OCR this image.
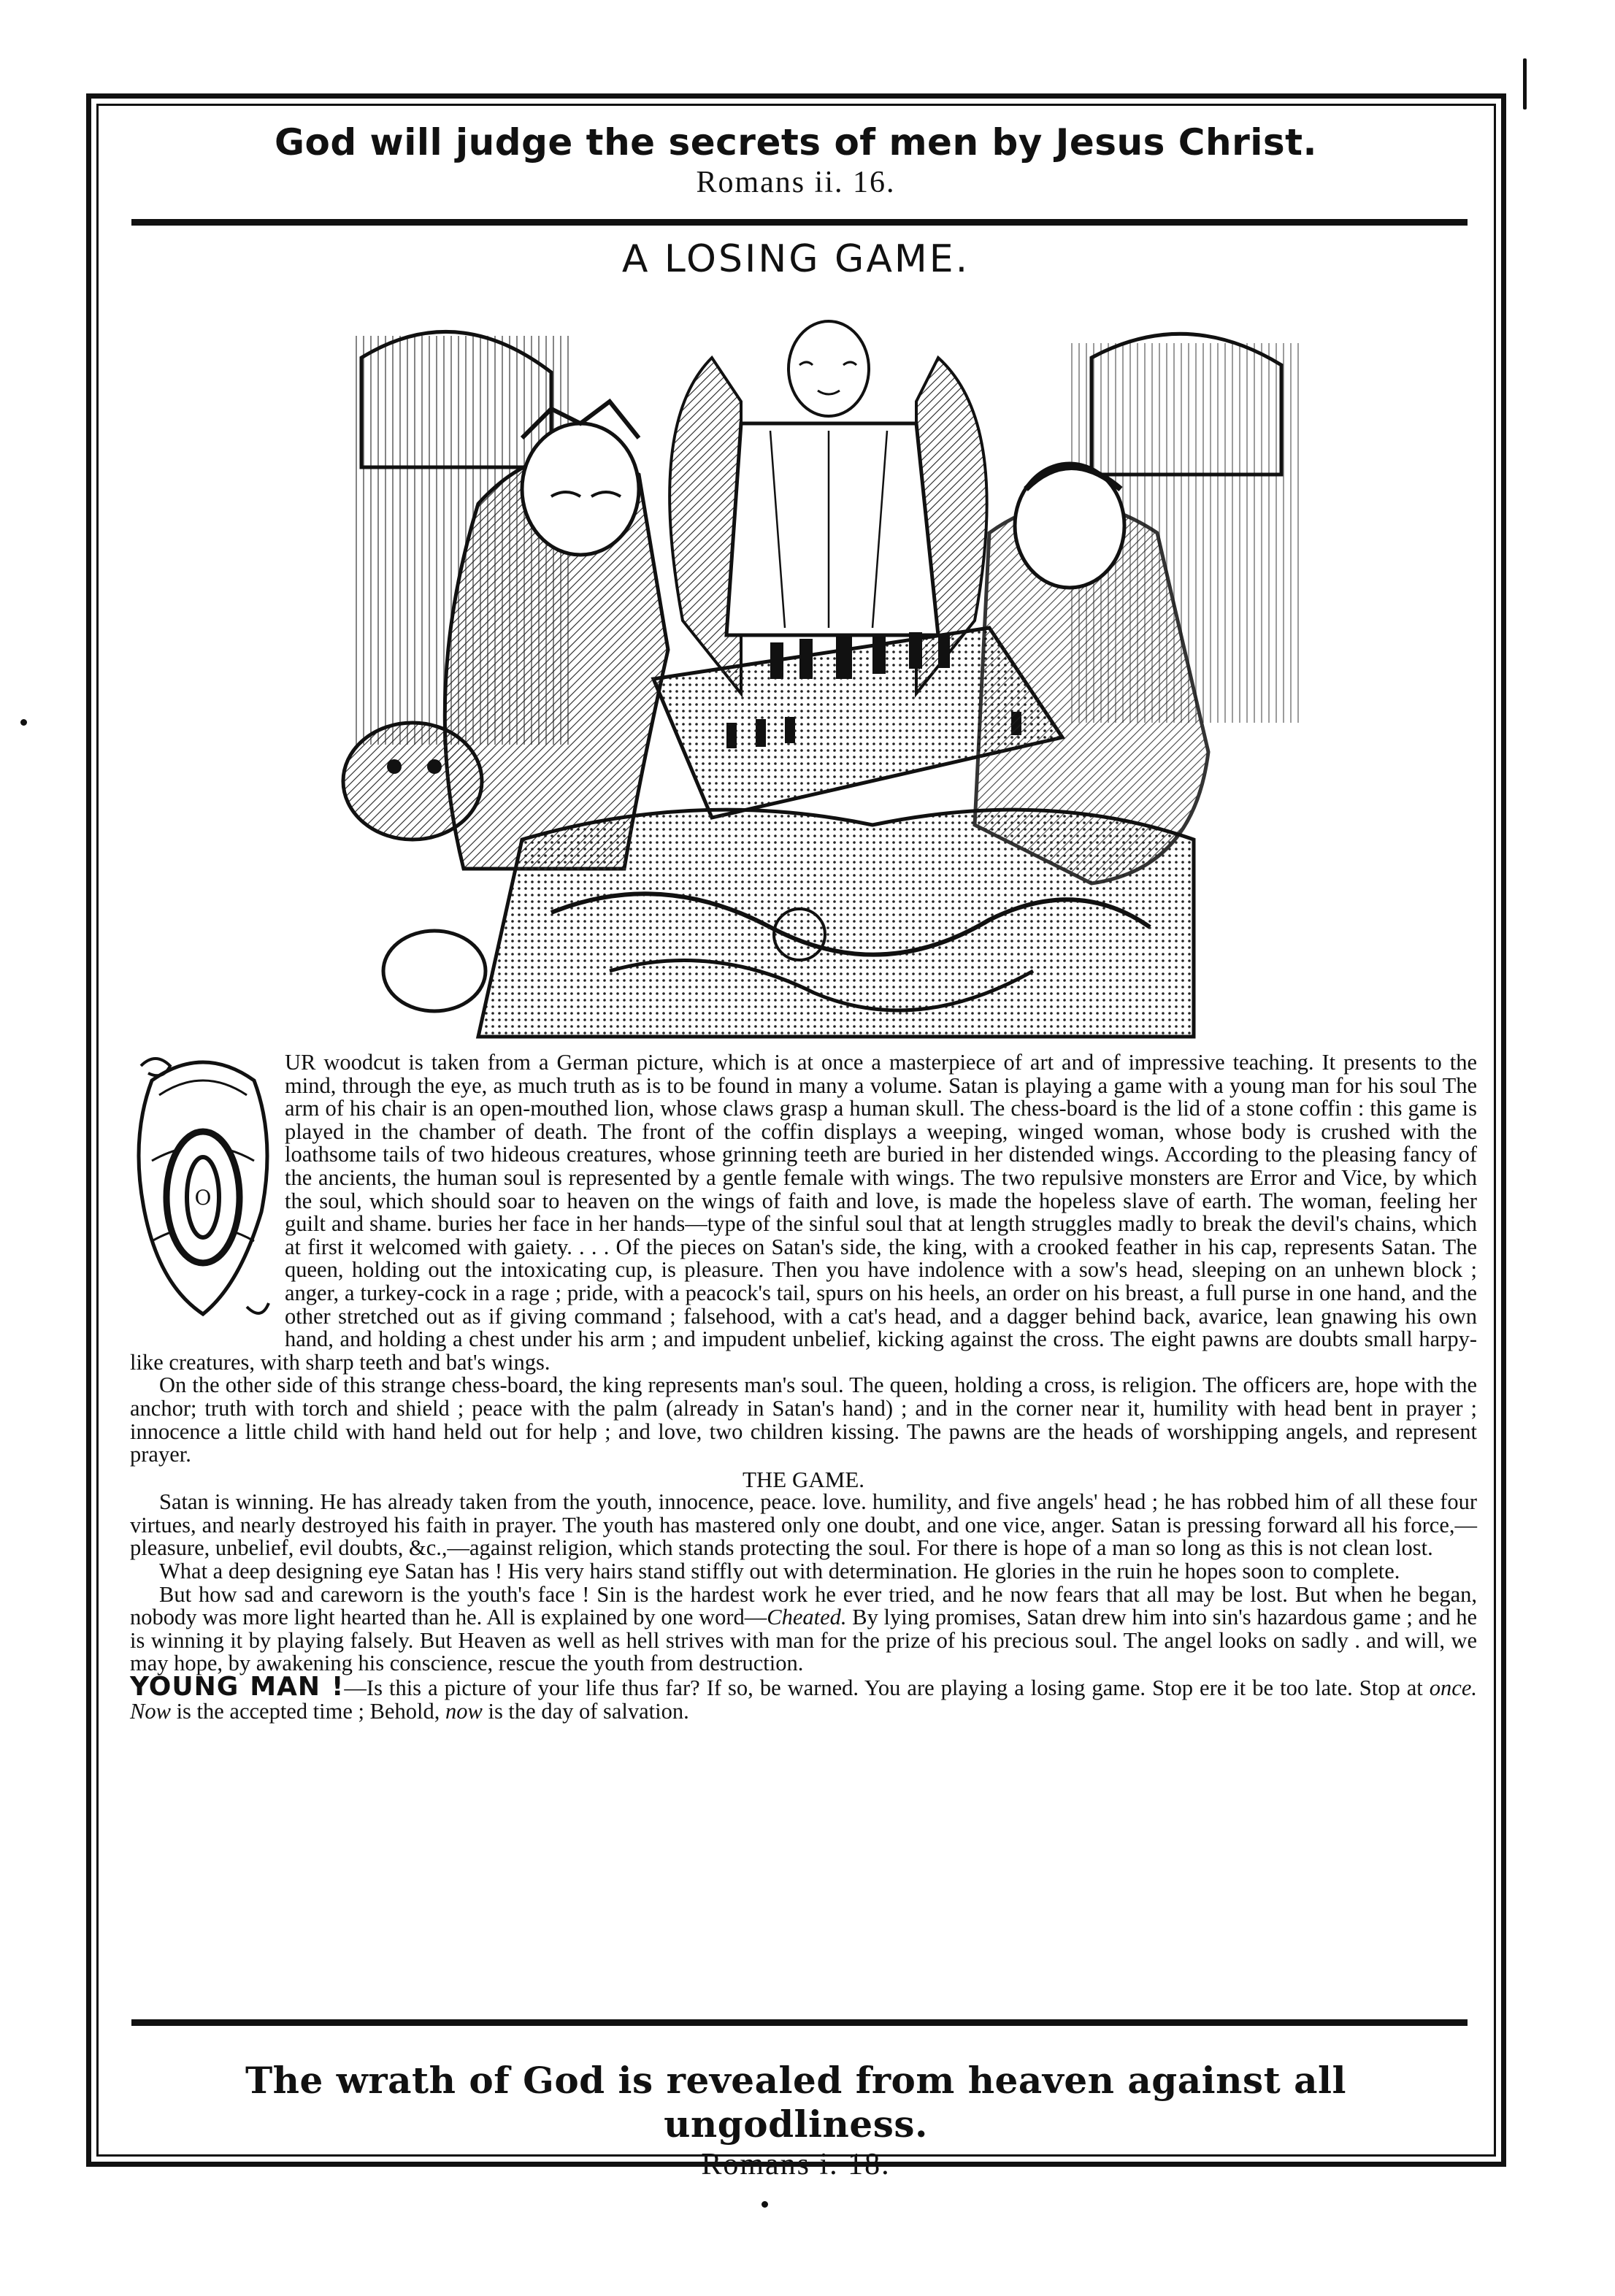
God will judge the secrets of men by Jesus Christ.
Romans ii. 16.
A LOSING GAME.
O

UR woodcut is taken from a German picture, which is at once a masterpiece of art and of impressive teaching. It presents to the mind, through the eye, as much truth as is to be found in many a volume. Satan is playing a game with a young man for his soul The arm of his chair is an open‑mouthed lion, whose claws grasp a human skull. The chess-board is the lid of a stone coffin : this game is played in the chamber of death. The front of the coffin displays a weeping, winged woman, whose body is crushed with the loathsome tails of two hideous creatures, whose grinning teeth are buried in her distended wings. According to the pleasing fancy of the ancients, the human soul is represented by a gentle female with wings. The two repulsive monsters are Error and Vice, by which the soul, which should soar to heaven on the wings of faith and love, is made the hopeless slave of earth. The woman, feeling her guilt and shame. buries her face in her hands—type of the sinful soul that at length struggles madly to break the devil's chains, which at first it welcomed with gaiety. . . . Of the pieces on Satan's side, the king, with a crooked feather in his cap, represents Satan. The queen, holding out the intoxicating cup, is pleasure. Then you have indolence with a sow's head, sleeping on an unhewn block ; anger, a turkey-cock in a rage ; pride, with a peacock's tail, spurs on his heels, an order on his breast, a full purse in one hand, and the other stretched out as if giving command ; falsehood, with a cat's head, and a dagger behind back, avarice, lean gnawing his own hand, and holding a chest under his arm ; and impudent unbelief, kicking against the cross. The eight pawns are doubts small harpy-like creatures, with sharp teeth and bat's wings.

On the other side of this strange chess-board, the king represents man's soul. The queen, holding a cross, is religion. The officers are, hope with the anchor; truth with torch and shield ; peace with the palm (already in Satan's hand) ; and in the corner near it, humility with head bent in prayer ; innocence a little child with hand held out for help ; and love, two children kissing. The pawns are the heads of worshipping angels, and represent prayer.

THE GAME.

Satan is winning. He has already taken from the youth, innocence, peace. love. humility, and five angels' head ; he has robbed him of all these four virtues, and nearly destroyed his faith in prayer. The youth has mastered only one doubt, and one vice, anger. Satan is pressing forward all his force,—pleasure, unbelief, evil doubts, &c.,—against religion, which stands protecting the soul. For there is hope of a man so long as this is not clean lost.

What a deep designing eye Satan has ! His very hairs stand stiffly out with determination. He glories in the ruin he hopes soon to complete.

But how sad and careworn is the youth's face ! Sin is the hardest work he ever tried, and he now fears that all may be lost. But when he began, nobody was more light hearted than he. All is explained by one word—Cheated. By lying promises, Satan drew him into sin's hazardous game ; and he is winning it by playing falsely. But Heaven as well as hell strives with man for the prize of his precious soul. The angel looks on sadly . and will, we may hope, by awakening his conscience, rescue the youth from destruction.

YOUNG MAN !—Is this a picture of your life thus far? If so, be warned. You are playing a losing game. Stop ere it be too late. Stop at once. Now is the accepted time ; Behold, now is the day of salvation.

The wrath of God is revealed from heaven against all ungodliness.
Romans i. 18.
